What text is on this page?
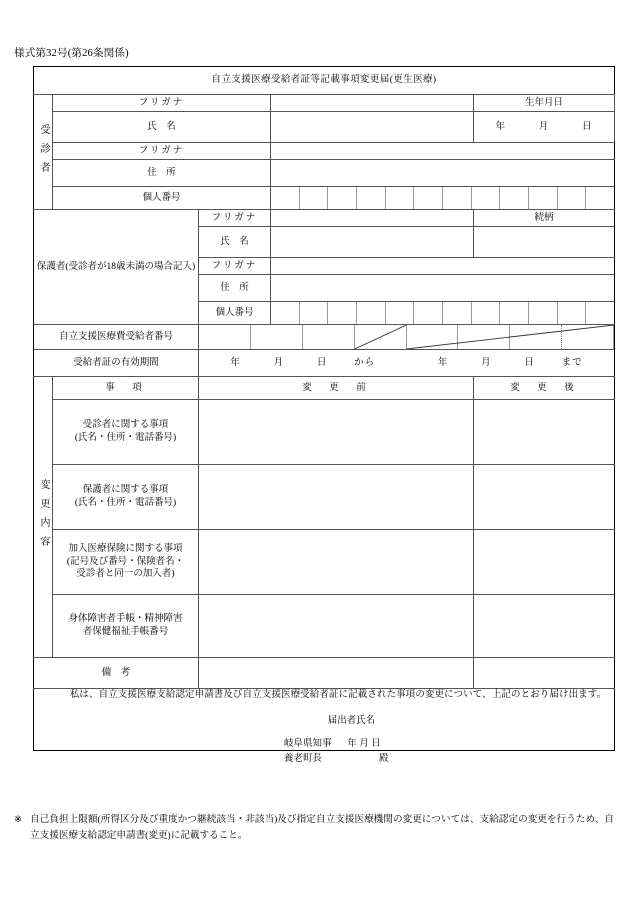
様式第32号(第26条関係)
自立支援医療受給者証等記載事項変更届(更生医療)				

受診者	フリガナ			生年月日
	氏　名			年 月 日
	フリガナ			
	住　所			
	個人番号			

保護者(受診者が18歳未満の場合記入)		フリガナ		続柄
		氏　名		
		フリガナ		
		住　所		
		個人番号		

自立支援医療費受給者番号	

受給者証の有効期間		年 月 日 から 年 月 日 まで		

変更内容	事　項	変　更　前		変　更　後

	受診者に関する事項
(氏名・住所・電話番号)			

	保護者に関する事項
(氏名・住所・電話番号)			

	加入医療保険に関する事項
(記号及び番号・保険者名・
受診者と同一の加入者)			

	身体障害者手帳・精神障害
者保健福祉手帳番号			

備　考				

私は、自立支援医療支給認定申請書及び自立支援医療受給者証に記載された事項の変更について、上記のとおり届け出ます。
届出者氏名
年 月 日
岐阜県知事
養老町長	殿
※ 自己負担上限額(所得区分及び重度かつ継続該当・非該当)及び指定自立支援医療機関の変更については、支給認定の変更を行うため、自立支援医療支給認定申請書(変更)に記載すること。
